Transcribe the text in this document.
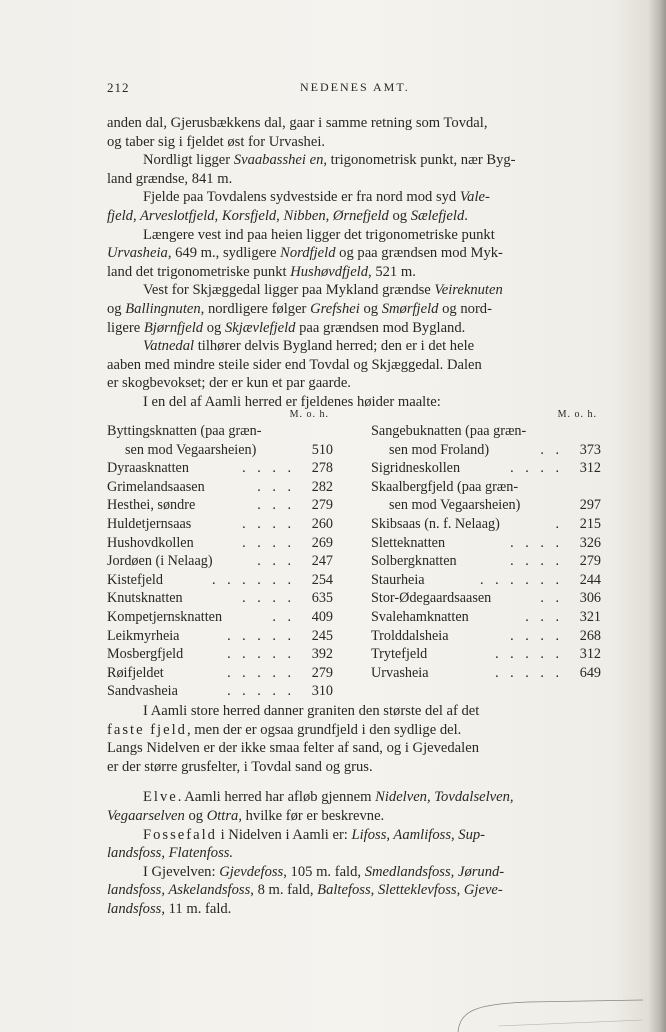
212	NEDENES AMT.

anden dal, Gjerusbækkens dal, gaar i samme retning som Tovdal,
og taber sig i fjeldet øst for Urvashei.

Nordligt ligger Svaabasshei en, trigonometrisk punkt, nær Byg-
land grændse, 841 m.

Fjelde paa Tovdalens sydvestside er fra nord mod syd Vale-
fjeld, Arveslotfjeld, Korsfjeld, Nibben, Ørnefjeld og Sælefjeld.

Længere vest ind paa heien ligger det trigonometriske punkt
Urvasheia, 649 m., sydligere Nordfjeld og paa grændsen mod Myk-
land det trigonometriske punkt Hushøvdfjeld, 521 m.

Vest for Skjæggedal ligger paa Mykland grændse Veireknuten
og Ballingnuten, nordligere følger Grefshei og Smørfjeld og nord-
ligere Bjørnfjeld og Skjævlefjeld paa grændsen mod Bygland.

Vatnedal tilhører delvis Bygland herred; den er i det hele
aaben med mindre steile sider end Tovdal og Skjæggedal. Dalen
er skogbevokset; der er kun et par gaarde.

I en del af Aamli herred er fjeldenes høider maalte:

M. o. h.
Byttingsknatten (paa græn-
sen mod Vegaarsheien)	510
Dyraasknatten	. . . .	278
Grimelandsaasen	. . .	282
Hesthei, søndre	. . .	279
Huldetjernsaas	. . . .	260
Hushovdkollen	. . . .	269
Jordøen (i Nelaag)	. . .	247
Kistefjeld	. . . . . .	254
Knutsknatten	. . . .	635
Kompetjernsknatten	. .	409
Leikmyrheia	. . . . .	245
Mosbergfjeld	. . . . .	392
Røifjeldet	. . . . .	279
Sandvasheia	. . . . .	310
M. o. h.
Sangebuknatten (paa græn-
sen mod Froland)	. .	373
Sigridneskollen	. . . .	312
Skaalbergfjeld (paa græn-
sen mod Vegaarsheien)	297
Skibsaas (n. f. Nelaag)	.	215
Sletteknatten	. . . .	326
Solbergknatten	. . . .	279
Staurheia	. . . . . .	244
Stor-Ødegaardsaasen	. .	306
Svalehamknatten	. . .	321
Trolddalsheia	. . . .	268
Trytefjeld	. . . . .	312
Urvasheia	. . . . .	649

I Aamli store herred danner graniten den største del af det
faste fjeld, men der er ogsaa grundfjeld i den sydlige del.
Langs Nidelven er der ikke smaa felter af sand, og i Gjevedalen
er der større grusfelter, i Tovdal sand og grus.

Elve. Aamli herred har afløb gjennem Nidelven, Tovdalselven,
Vegaarselven og Ottra, hvilke før er beskrevne.

Fossefald i Nidelven i Aamli er: Lifoss, Aamlifoss, Sup-
landsfoss, Flatenfoss.

I Gjevelven: Gjevdefoss, 105 m. fald, Smedlandsfoss, Jørund-
landsfoss, Askelandsfoss, 8 m. fald, Baltefoss, Sletteklevfoss, Gjeve-
landsfoss, 11 m. fald.
